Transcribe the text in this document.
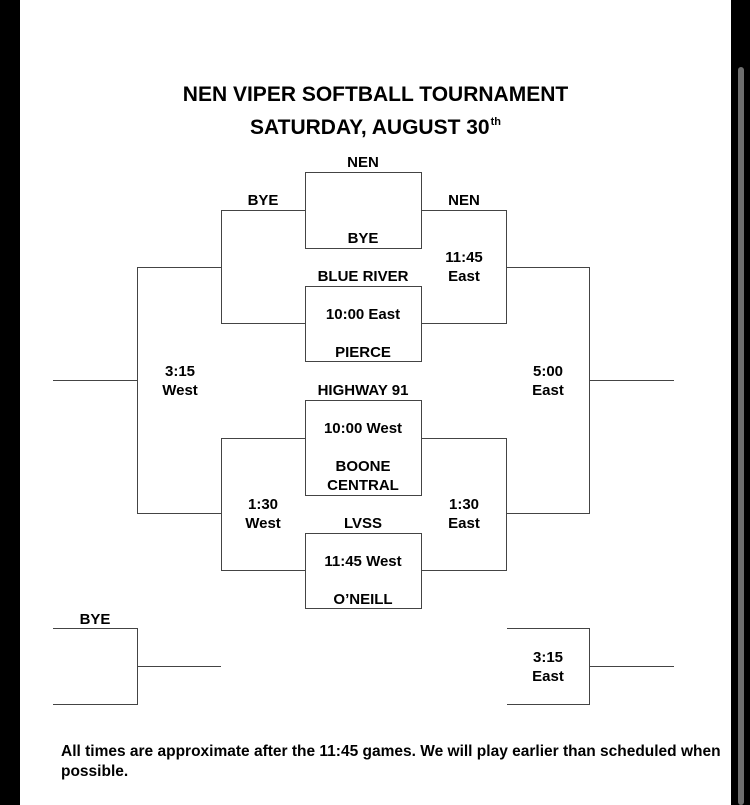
NEN VIPER SOFTBALL TOURNAMENT
SATURDAY, AUGUST 30th
NEN
BYE
BYE	NEN
11:45
East
BLUE RIVER
10:00 East
PIERCE
3:15
West
5:00
East
HIGHWAY 91
10:00 West
BOONE
CENTRAL
1:30
West
1:30
East
LVSS
11:45 West
O’NEILL
BYE
3:15
East
All times are approximate after the 11:45 games. We will play earlier than scheduled when possible.
